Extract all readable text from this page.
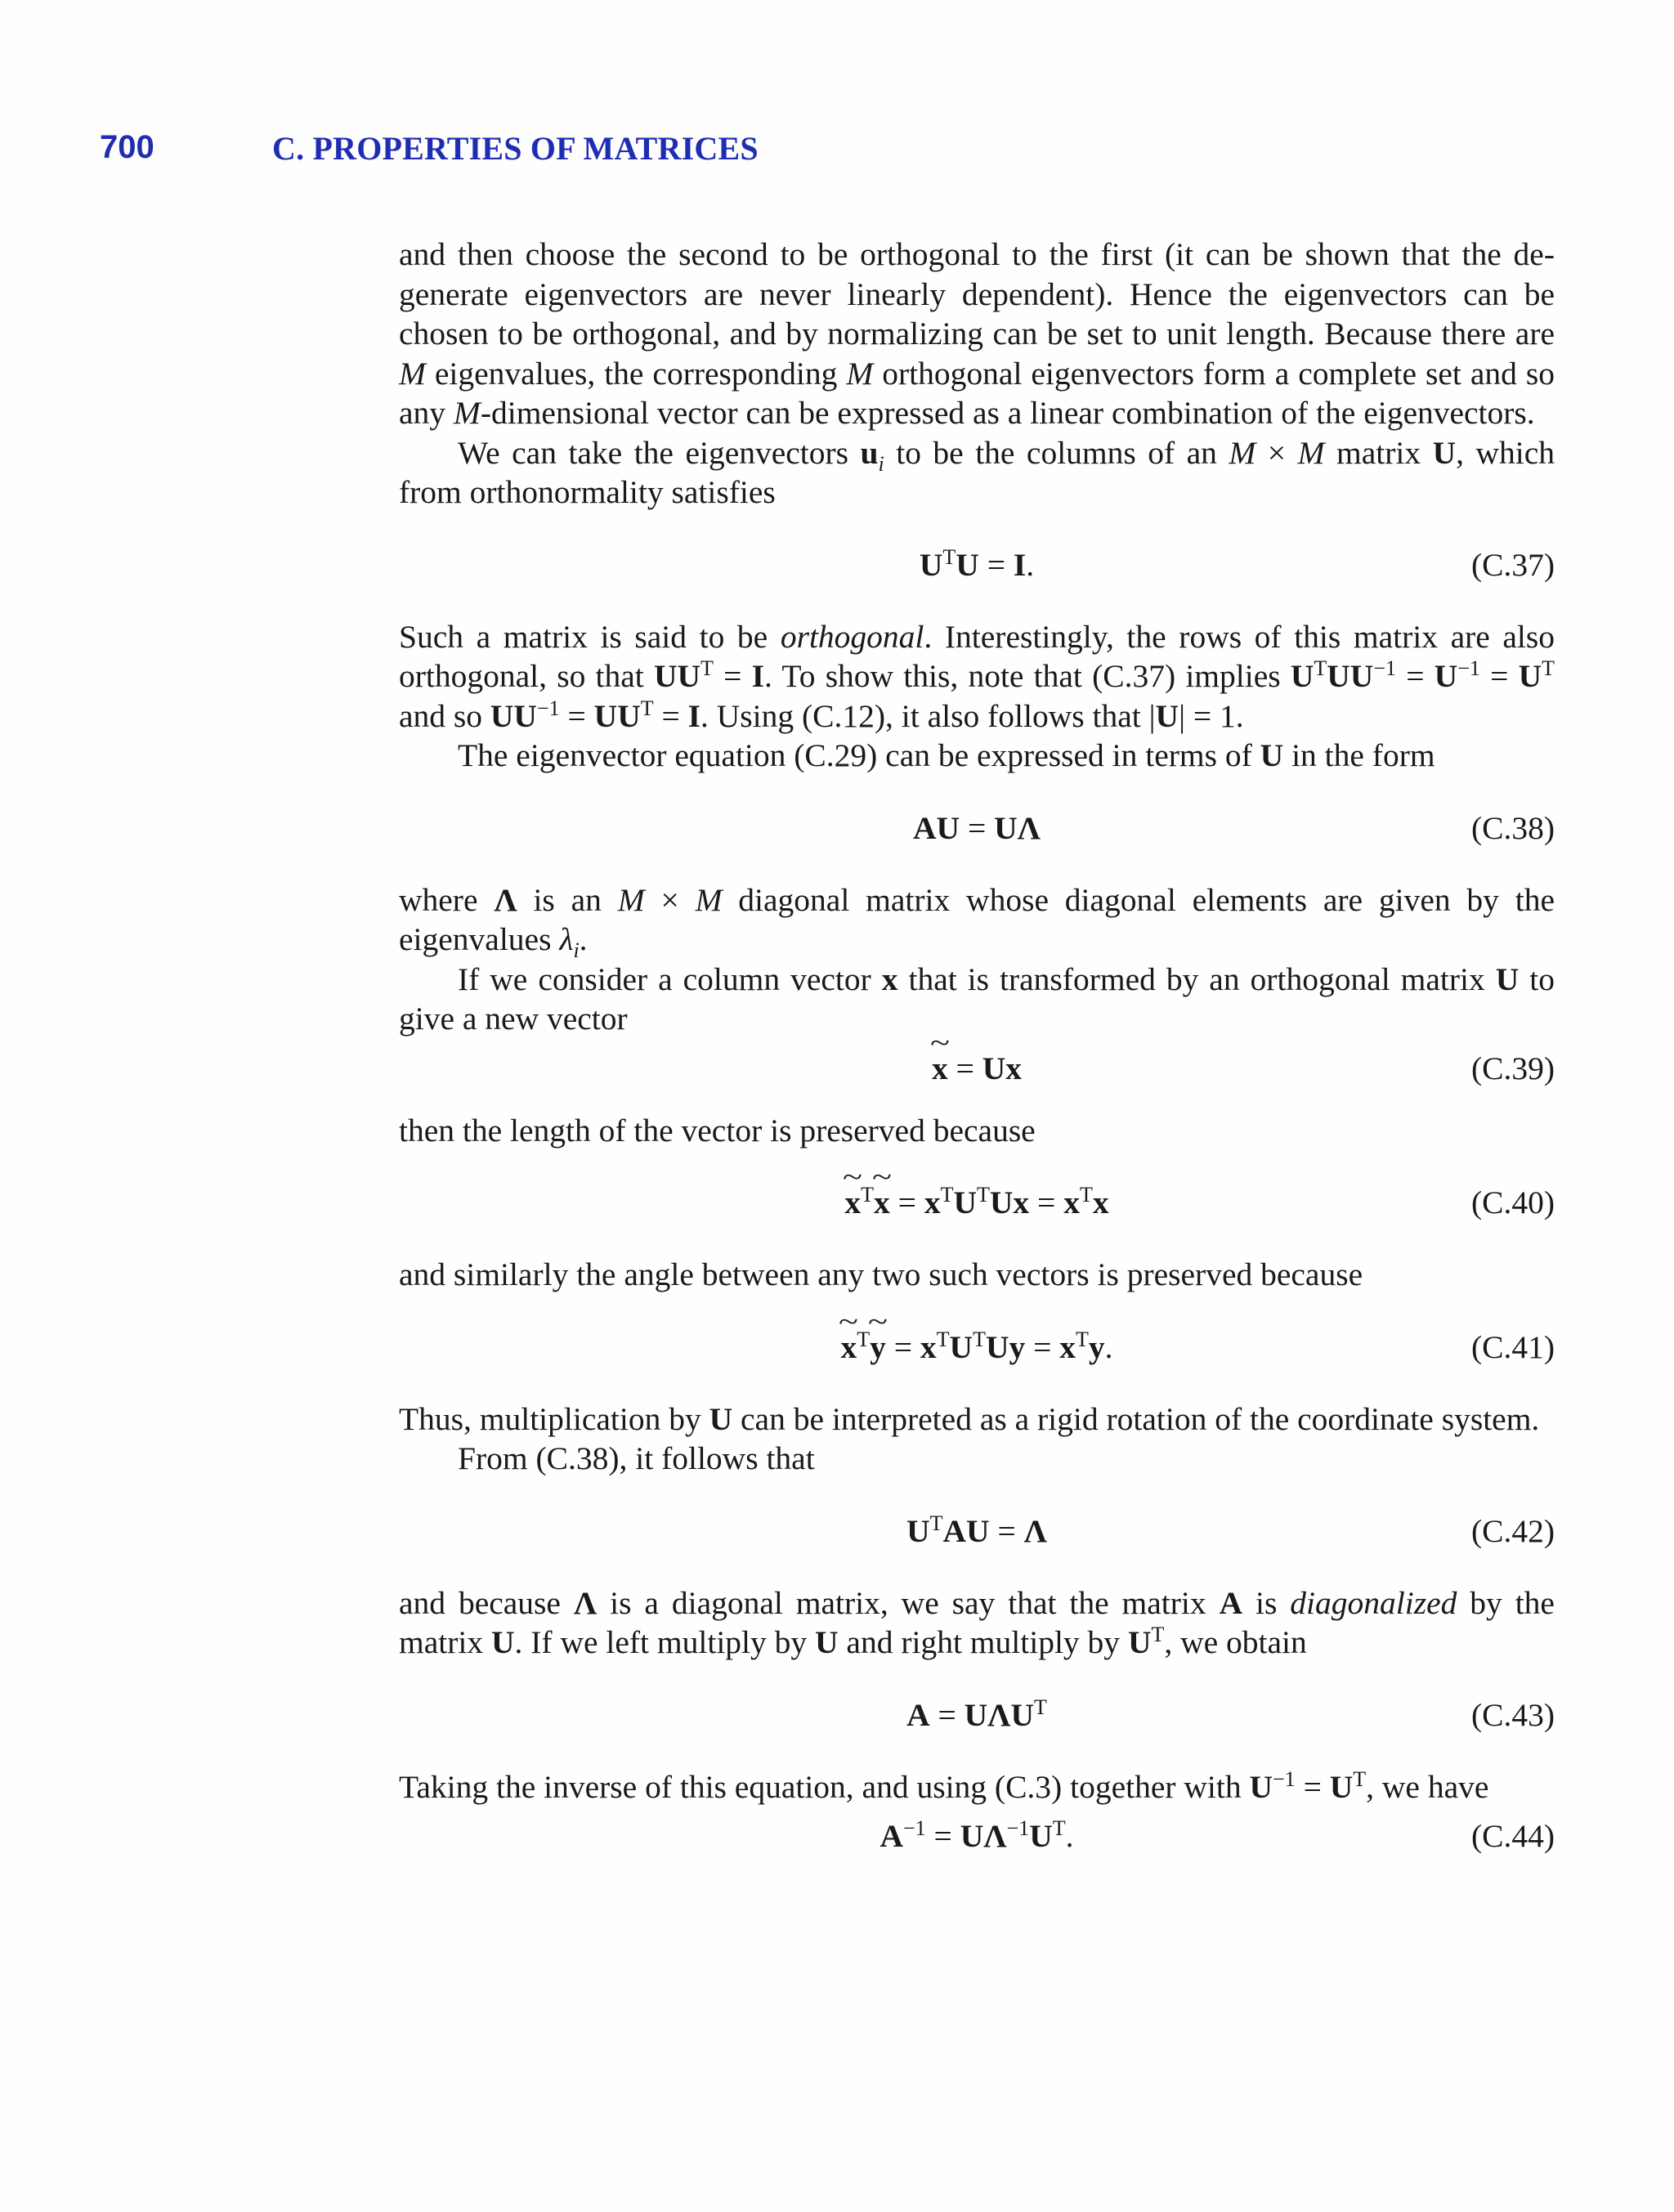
700	C. PROPERTIES OF MATRICES

and then choose the second to be orthogonal to the first (it can be shown that the de-generate eigenvectors are never linearly dependent). Hence the eigenvectors can be chosen to be orthogonal, and by normalizing can be set to unit length. Because there are M eigenvalues, the corresponding M orthogonal eigenvectors form a complete set and so any M-dimensional vector can be expressed as a linear combination of the eigenvectors.

We can take the eigenvectors $u_i$ to be the columns of an M × M matrix U, which from orthonormality satisfies

$U^TU = I$.	(C.37)

Such a matrix is said to be orthogonal. Interestingly, the rows of this matrix are also orthogonal, so that $UU^T = I$. To show this, note that (C.37) implies $U^TUU^{-1} = U^{-1} = U^T$ and so $UU^{-1} = UU^T = I$. Using (C.12), it also follows that |U| = 1.

The eigenvector equation (C.29) can be expressed in terms of U in the form

AU = UΛ	(C.38)

where Λ is an M × M diagonal matrix whose diagonal elements are given by the eigenvalues $\lambda_i$.

If we consider a column vector x that is transformed by an orthogonal matrix U to give a new vector

~ x = Ux	(C.39)

then the length of the vector is preserved because

~ $x^T\sim$ $x = x^TU^TUx = x^Tx$	(C.40)

and similarly the angle between any two such vectors is preserved because

~ $x^T\sim$ $y = x^TU^TUy = x^Ty$.	(C.41)

Thus, multiplication by U can be interpreted as a rigid rotation of the coordinate system.

From (C.38), it follows that

$U^TAU = \Lambda$	(C.42)

and because Λ is a diagonal matrix, we say that the matrix A is diagonalized by the matrix U. If we left multiply by U and right multiply by $U^T$, we obtain

$A = U\Lambda U^T$	(C.43)

Taking the inverse of this equation, and using (C.3) together with $U^{-1} = U^T$, we have

$A^{-1} = U\Lambda^{-1}U^T$.	(C.44)
